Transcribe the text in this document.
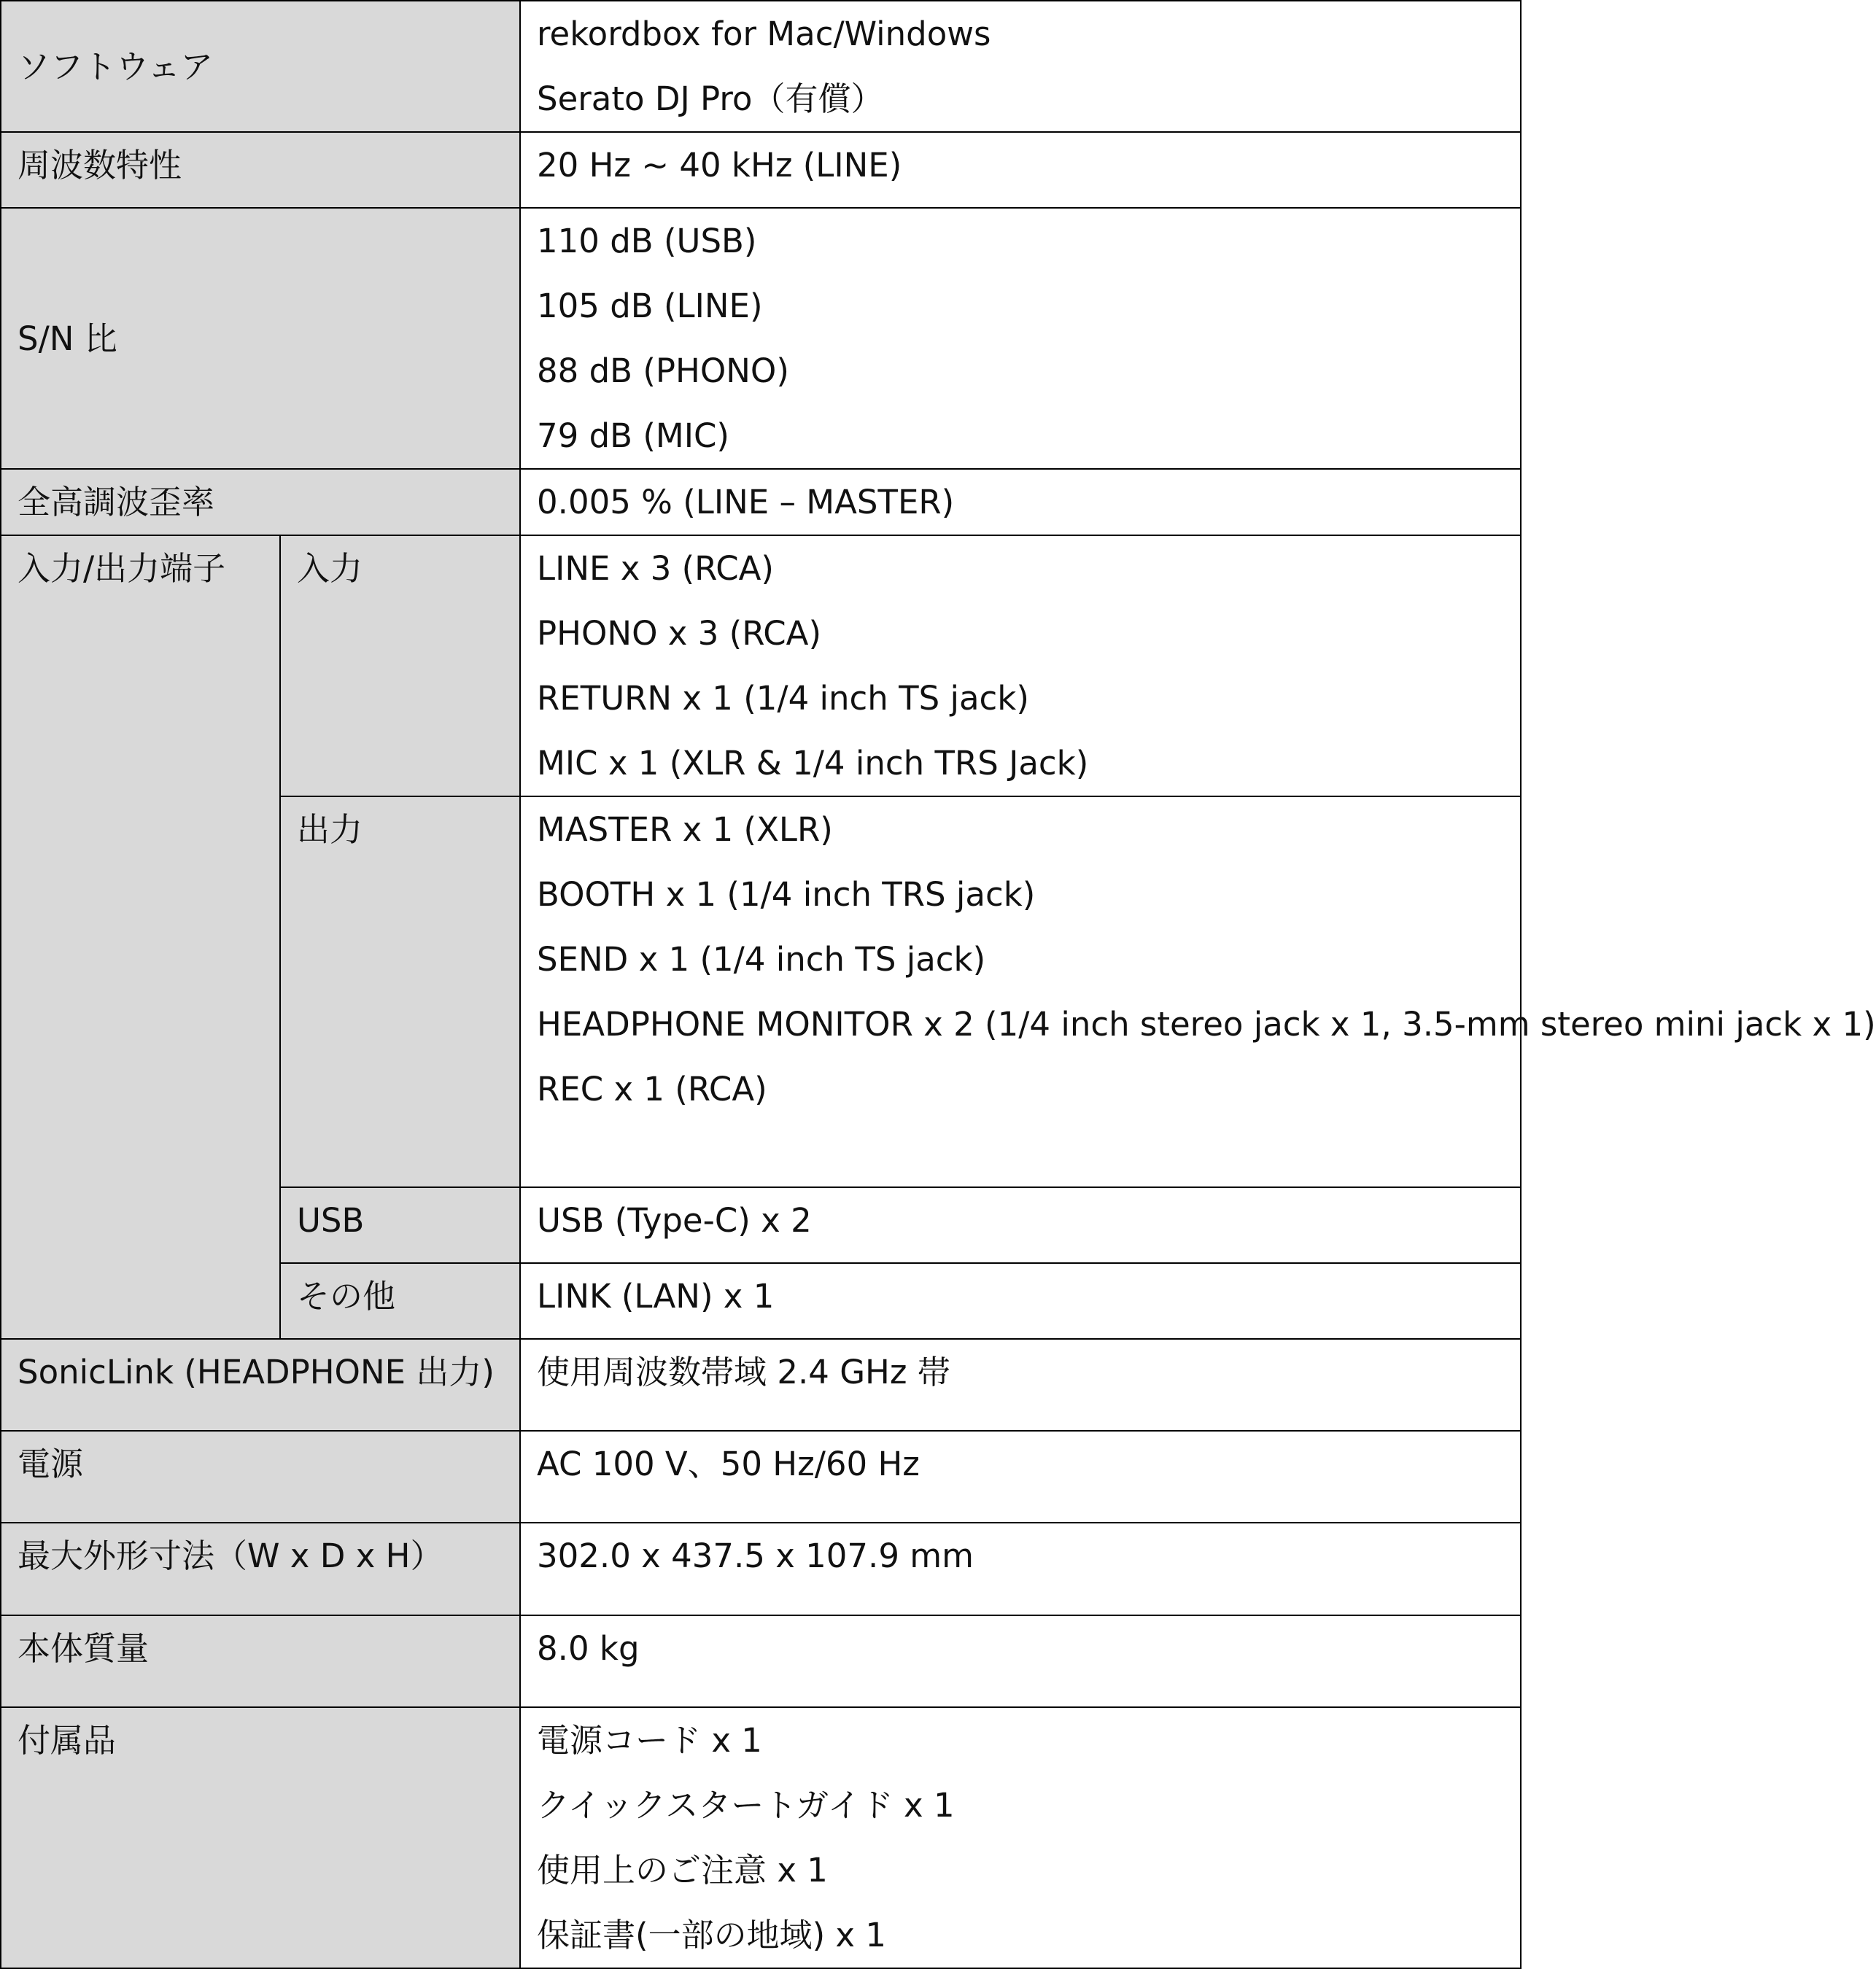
ソフトウェア		rekordbox for Mac/Windows
Serato DJ Pro（有償）

周波数特性		20 Hz ~ 40 kHz (LINE)
S/N 比		110 dB (USB)
105 dB (LINE)
88 dB (PHONO)
79 dB (MIC)

全高調波歪率		0.005 % (LINE – MASTER)
入力/出力端子	入力	LINE x 3 (RCA)
PHONO x 3 (RCA)
RETURN x 1 (1/4 inch TS jack)
MIC x 1 (XLR & 1/4 inch TRS Jack)

	出力	MASTER x 1 (XLR)
BOOTH x 1 (1/4 inch TRS jack)
SEND x 1 (1/4 inch TS jack)
HEADPHONE MONITOR x 2 (1/4 inch stereo jack x 1, 3.5-mm stereo mini jack x 1)
REC x 1 (RCA)

	USB	USB (Type-C) x 2
	その他	LINK (LAN) x 1
SonicLink (HEADPHONE 出力)		使用周波数帯域 2.4 GHz 帯
電源		AC 100 V、50 Hz/60 Hz
最大外形寸法（W x D x H）		302.0 x 437.5 x 107.9 mm
本体質量		8.0 kg
付属品		電源コード x 1
クイックスタートガイド x 1
使用上のご注意 x 1
保証書(一部の地域) x 1
